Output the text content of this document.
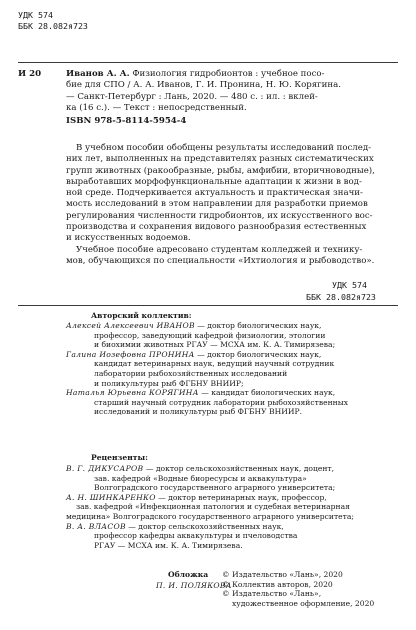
УДК 574
ББК 28.082я723
И 20	Иванов А. А. Физиология гидробионтов : учебное посо-
бие для СПО / А. А. Иванов, Г. И. Пронина, Н. Ю. Корягина.
— Санкт-Петербург : Лань, 2020. — 480 с. : ил. : вклей-
ка (16 с.). — Текст : непосредственный.
ISBN 978-5-8114-5954-4
В учебном пособии обобщены результаты исследований послед-
них лет, выполненных на представителях разных систематических
групп животных (ракообразные, рыбы, амфибии, вторичноводные),
выработавших морфофункциональные адаптации к жизни в вод-
ной среде. Подчеркивается актуальность и практическая значи-
мость исследований в этом направлении для разработки приемов
регулирования численности гидробионтов, их искусственного вос-
производства и сохранения видового разнообразия естественных
и искусственных водоемов.
Учебное пособие адресовано студентам колледжей и технику-
мов, обучающихся по специальности «Ихтиология и рыбоводство».
УДК 574
ББК 28.082я723
Авторский коллектив:
Алексей Алексеевич ИВАНОВ — доктор биологических наук,
профессор, заведующий кафедрой физиологии, этологии
и биохимии животных РГАУ — МСХА им. К. А. Тимирязева;
Галина Иозефовна ПРОНИНА — доктор биологических наук,
кандидат ветеринарных наук, ведущий научный сотрудник
лаборатории рыбохозяйственных исследований
и поликультуры рыб ФГБНУ ВНИИР;
Наталья Юрьевна КОРЯГИНА — кандидат биологических наук,
старший научный сотрудник лаборатории рыбохозяйственных
исследований и поликультуры рыб ФГБНУ ВНИИР.
Рецензенты:
В. Г. ДИКУСАРОВ — доктор сельскохозяйственных наук, доцент,
зав. кафедрой «Водные биоресурсы и аквакультура»
Волгоградского государственного аграрного университета;
А. Н. ШИНКАРЕНКО — доктор ветеринарных наук, профессор,
зав. кафедрой «Инфекционная патология и судебная ветеринарная
медицина» Волгоградского государственного аграрного университета;
В. А. ВЛАСОВ — доктор сельскохозяйственных наук,
профессор кафедры аквакультуры и пчеловодства
РГАУ — МСХА им. К. А. Тимирязева.
Обложка
П. И. ПОЛЯКОВА
© Издательство «Лань», 2020
© Коллектив авторов, 2020
© Издательство «Лань»,
художественное оформление, 2020
